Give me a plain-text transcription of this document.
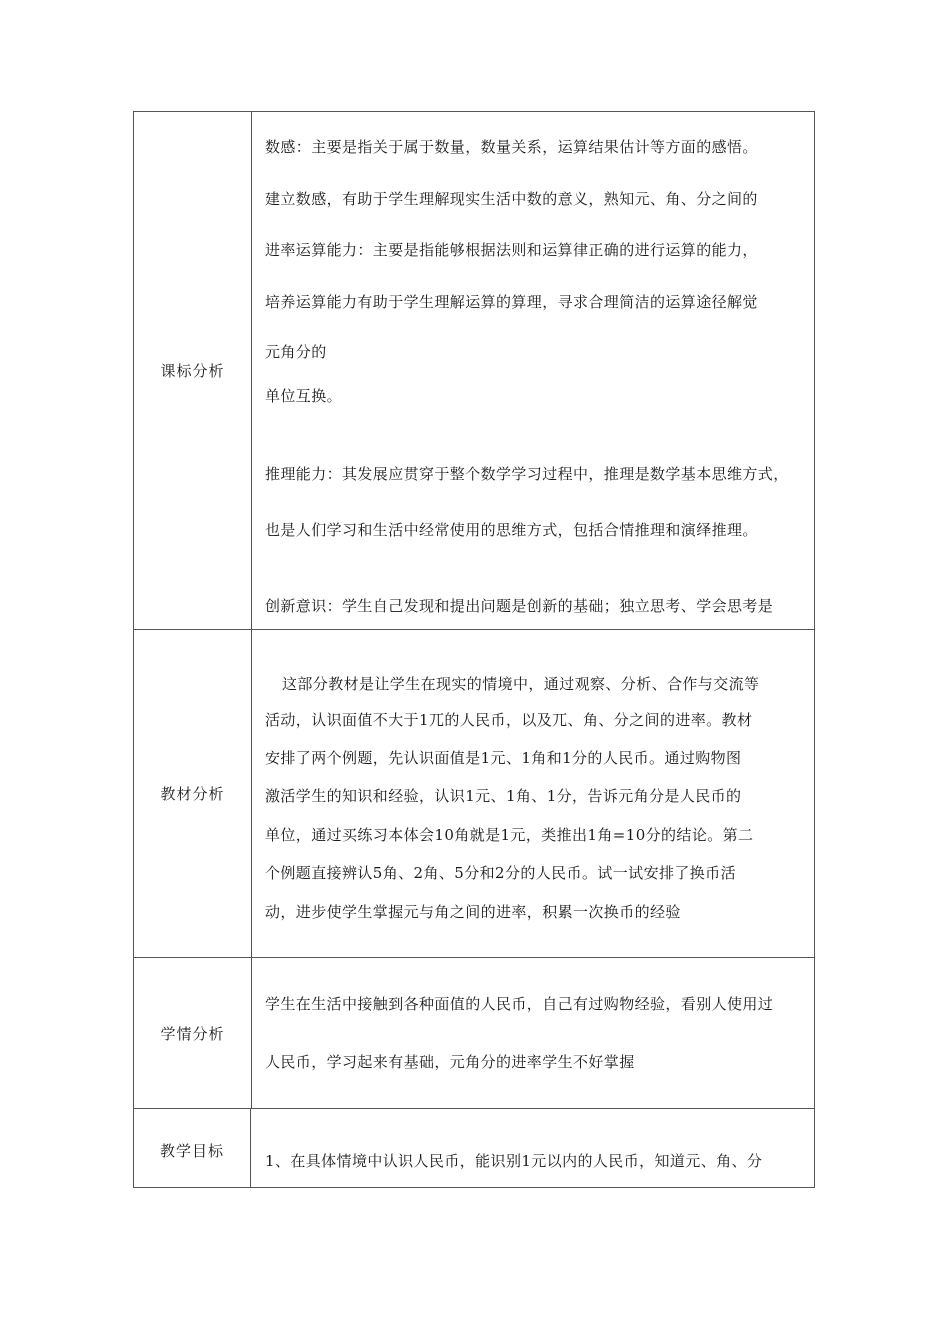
课标分析
数感：主要是指关于属于数量，数量关系，运算结果估计等方面的感悟。
建立数感，有助于学生理解现实生活中数的意义，熟知元、角、分之间的
进率运算能力：主要是指能够根据法则和运算律正确的进行运算的能力，
培养运算能力有助于学生理解运算的算理，寻求合理简洁的运算途径解觉
元角分的
单位互换。
推理能力：其发展应贯穿于整个数学学习过程中，推理是数学基本思维方式，
也是人们学习和生活中经常使用的思维方式，包括合情推理和演绎推理。
创新意识：学生自己发现和提出问题是创新的基础；独立思考、学会思考是
教材分析
这部分教材是让学生在现实的情境中，通过观察、分析、合作与交流等
活动，认识面值不大于1兀的人民币，以及兀、角、分之间的进率。教材
安排了两个例题，先认识面值是1元、1角和1分的人民币。通过购物图
激活学生的知识和经验，认识1元、1角、1分，告诉元角分是人民币的
单位，通过买练习本体会10角就是1元，类推出1角=10分的结论。第二
个例题直接辨认5角、2角、5分和2分的人民币。试一试安排了换币活
动，进步使学生掌握元与角之间的进率，积累一次换币的经验
学情分析
学生在生活中接触到各种面值的人民币，自己有过购物经验，看别人使用过
人民币，学习起来有基础，元角分的进率学生不好掌握
教学目标
1、在具体情境中认识人民币，能识别1元以内的人民币，知道元、角、分
